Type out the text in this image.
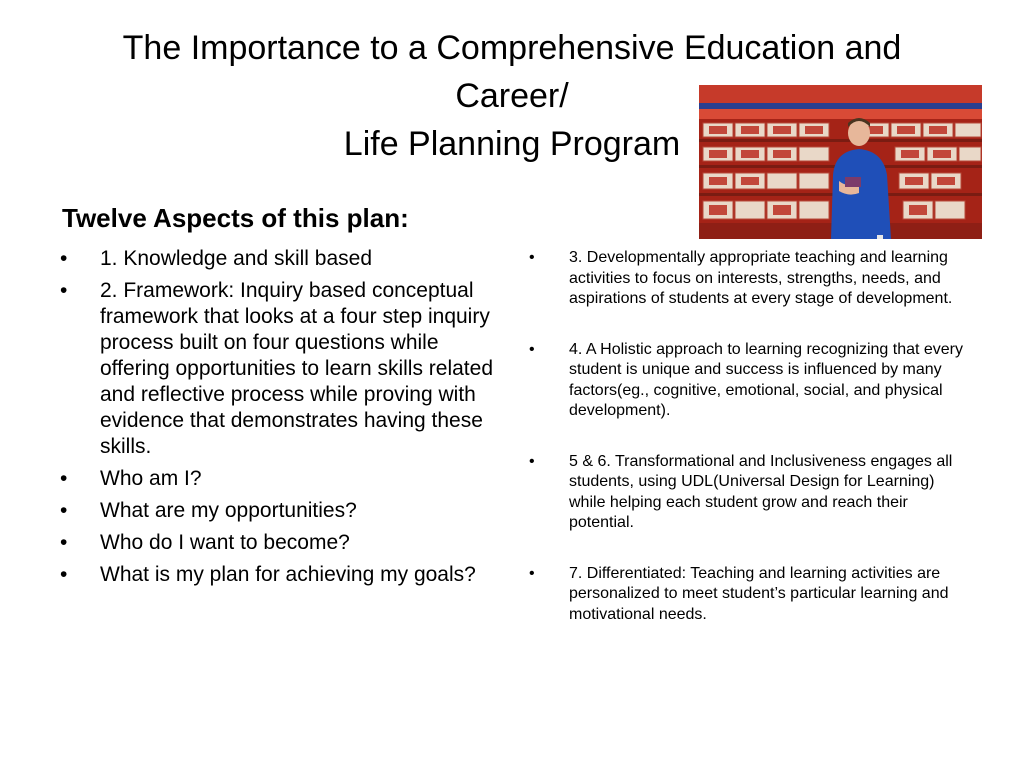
The Importance to a Comprehensive Education and
Career/
Life Planning Program
Twelve Aspects of this plan:
• 1. Knowledge and skill based
• 2. Framework: Inquiry based conceptual framework that looks at a four step inquiry process built on four questions while offering opportunities to learn skills related and reflective process while proving with evidence that demonstrates having these skills.
• Who am I?
• What are my opportunities?
• Who do I want to become?
• What is my plan for achieving my goals?
• 3. Developmentally appropriate teaching and learning activities to focus on interests, strengths, needs, and aspirations of students at every stage of development.
• 4. A Holistic approach to learning recognizing that every student is unique and success is influenced by many factors(eg., cognitive, emotional, social, and physical development).
• 5 & 6. Transformational and Inclusiveness engages all students, using UDL(Universal Design for Learning) while helping each student grow and reach their potential.
• 7. Differentiated: Teaching and learning activities are personalized to meet student’s particular learning and motivational needs.
